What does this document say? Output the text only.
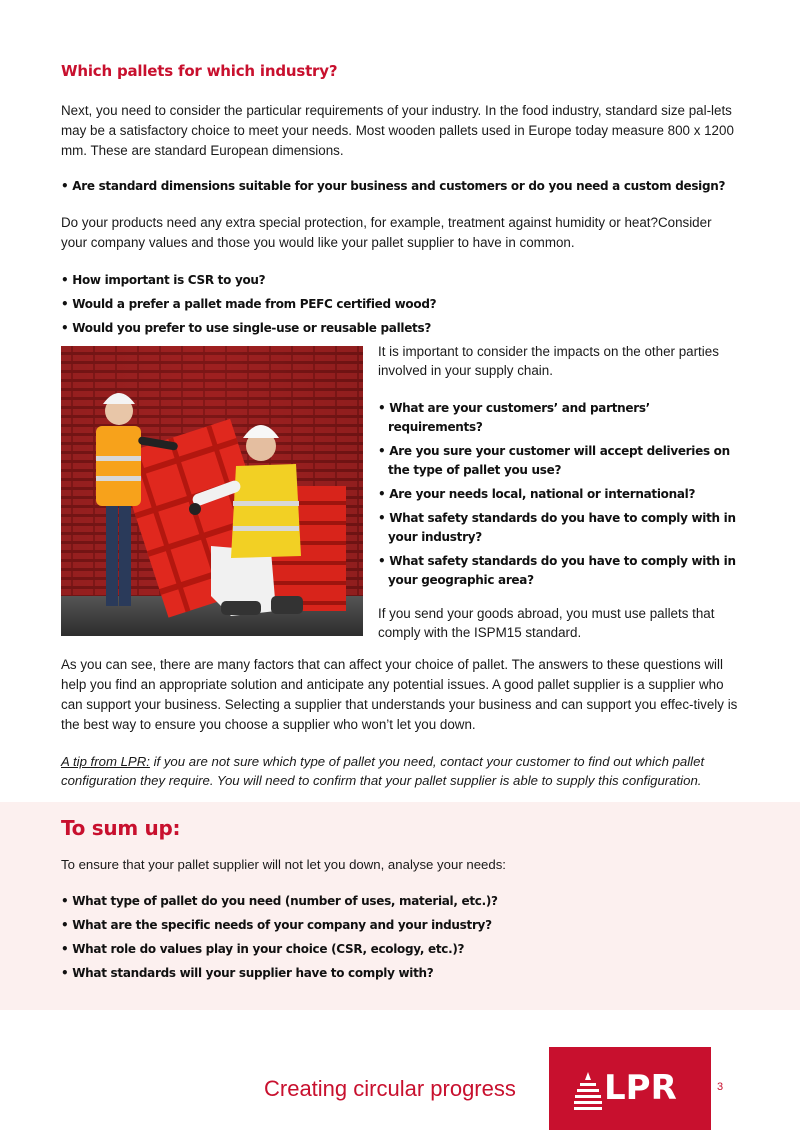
Which pallets for which industry?

Next, you need to consider the particular requirements of your industry. In the food industry, standard size pal-lets may be a satisfactory choice to meet your needs. Most wooden pallets used in Europe today measure 800 x 1200 mm. These are standard European dimensions.

• Are standard dimensions suitable for your business and customers or do you need a custom design?

Do your products need any extra special protection, for example, treatment against humidity or heat?Consider your company values and those you would like your pallet supplier to have in common.

• How important is CSR to you?
• Would a prefer a pallet made from PEFC certified wood?
• Would you prefer to use single-use or reusable pallets?

It is important to consider the impacts on the other parties involved in your supply chain.

• What are your customers’ and partners’ requirements?
• Are you sure your customer will accept deliveries on the type of pallet you use?
• Are your needs local, national or international?
• What safety standards do you have to comply with in your industry?
• What safety standards do you have to comply with in your geographic area?

If you send your goods abroad, you must use pallets that comply with the ISPM15 standard.

As you can see, there are many factors that can affect your choice of pallet. The answers to these questions will help you find an appropriate solution and anticipate any potential issues. A good pallet supplier is a supplier who can support your business. Selecting a supplier that understands your business and can support you effec-tively is the best way to ensure you choose a supplier who won’t let you down.

A tip from LPR: if you are not sure which type of pallet you need, contact your customer to find out which pallet configuration they require. You will need to confirm that your pallet supplier is able to supply this configuration.

To sum up:

To ensure that your pallet supplier will not let you down, analyse your needs:

• What type of pallet do you need (number of uses, material, etc.)?
• What are the specific needs of your company and your industry?
• What role do values play in your choice (CSR, ecology, etc.)?
• What standards will your supplier have to comply with?
Creating circular progress	LPR	3
